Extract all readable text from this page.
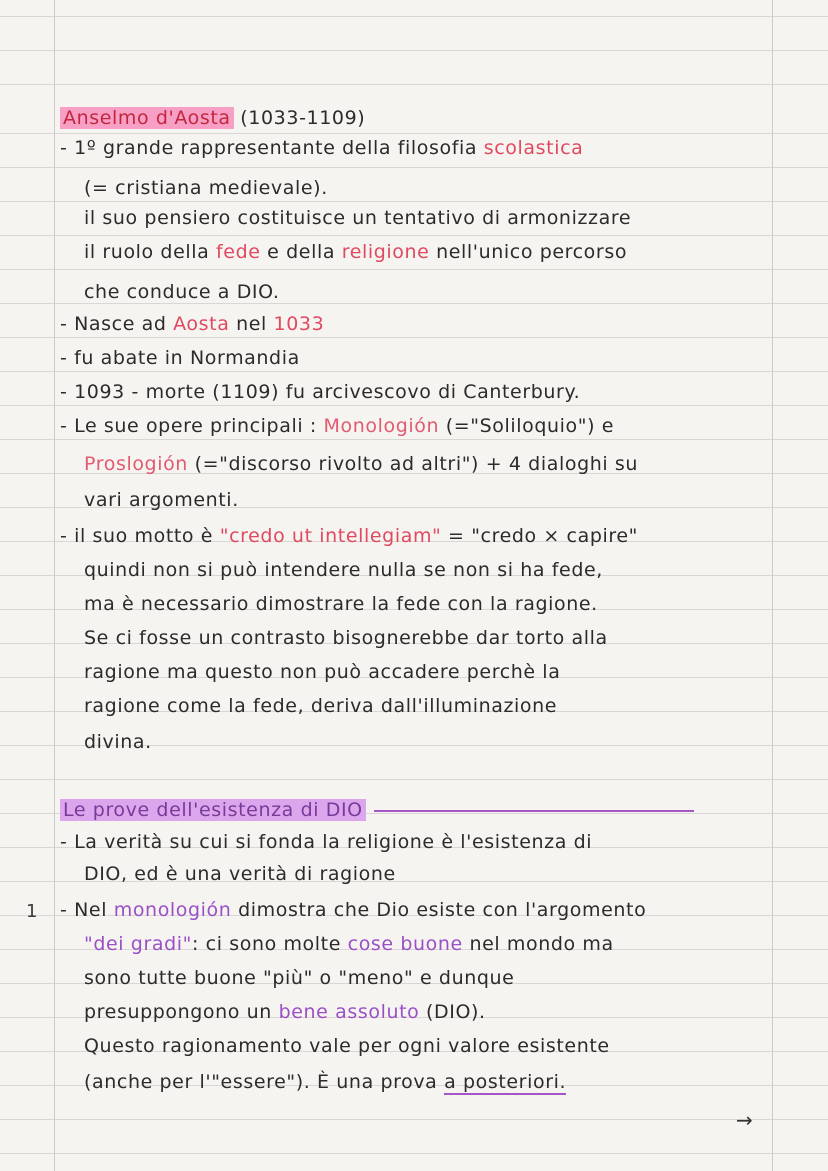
Anselmo d'Aosta (1033-1109)
- 1º grande rappresentante della filosofia scolastica
(= cristiana medievale).
il suo pensiero costituisce un tentativo di armonizzare
il ruolo della fede e della religione nell'unico percorso
che conduce a DIO.
- Nasce ad Aosta nel 1033
- fu abate in Normandia
- 1093 - morte (1109) fu arcivescovo di Canterbury.
- Le sue opere principali : Monologión (="Soliloquio") e
Proslogión (="discorso rivolto ad altri") + 4 dialoghi su
vari argomenti.
- il suo motto è "credo ut intellegiam" = "credo × capire"
quindi non si può intendere nulla se non si ha fede,
ma è necessario dimostrare la fede con la ragione.
Se ci fosse un contrasto bisognerebbe dar torto alla
ragione ma questo non può accadere perchè la
ragione come la fede, deriva dall'illuminazione
divina.
Le prove dell'esistenza di DIO
- La verità su cui si fonda la religione è l'esistenza di
DIO, ed è una verità di ragione
1 - Nel monologión dimostra che Dio esiste con l'argomento
"dei gradi": ci sono molte cose buone nel mondo ma
sono tutte buone "più" o "meno" e dunque
presuppongono un bene assoluto (DIO).
Questo ragionamento vale per ogni valore esistente
(anche per l'"essere"). È una prova a posteriori.
→
